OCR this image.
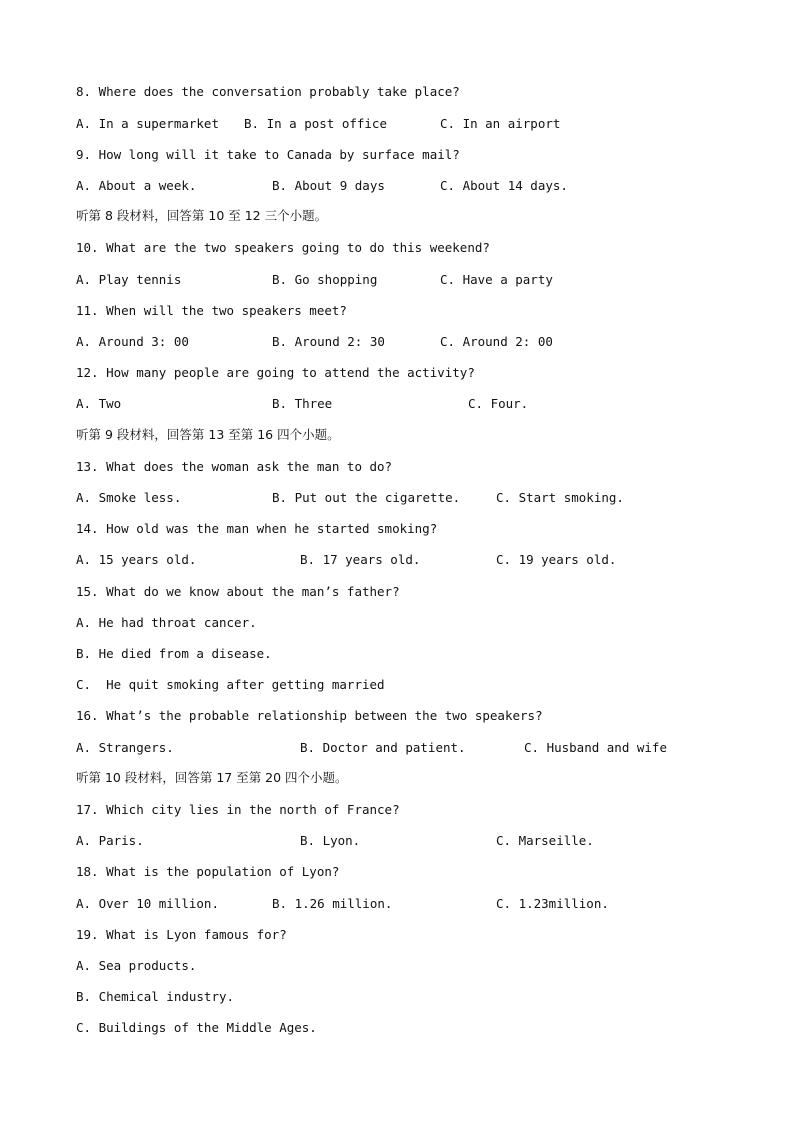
8. Where does the conversation probably take place?
A. In a supermarket B. In a post office	C. In an airport
9. How long will it take to Canada by surface mail?
A. About a week.	B. About 9 days	C. About 14 days.
听第 8 段材料，回答第 10 至 12 三个小题。
10. What are the two speakers going to do this weekend?
A. Play tennis	B. Go shopping	C. Have a party
11. When will the two speakers meet?
A. Around 3: 00	B. Around 2: 30	C. Around 2: 00
12. How many people are going to attend the activity?
A. Two	B. Three	C. Four.
听第 9 段材料，回答第 13 至第 16 四个小题。
13. What does the woman ask the man to do?
A. Smoke less.	B. Put out the cigarette.	C. Start smoking.
14. How old was the man when he started smoking?
A. 15 years old.	B. 17 years old.	C. 19 years old.
15. What do we know about the man’s father?
A. He had throat cancer.
B. He died from a disease.
C.  He quit smoking after getting married
16. What’s the probable relationship between the two speakers?
A. Strangers.	B. Doctor and patient.	C. Husband and wife
听第 10 段材料，回答第 17 至第 20 四个小题。
17. Which city lies in the north of France?
A. Paris.	B. Lyon.	C. Marseille.
18. What is the population of Lyon?
A. Over 10 million.	B. 1.26 million.	C. 1.23million.
19. What is Lyon famous for?
A. Sea products.
B. Chemical industry.
C. Buildings of the Middle Ages.
